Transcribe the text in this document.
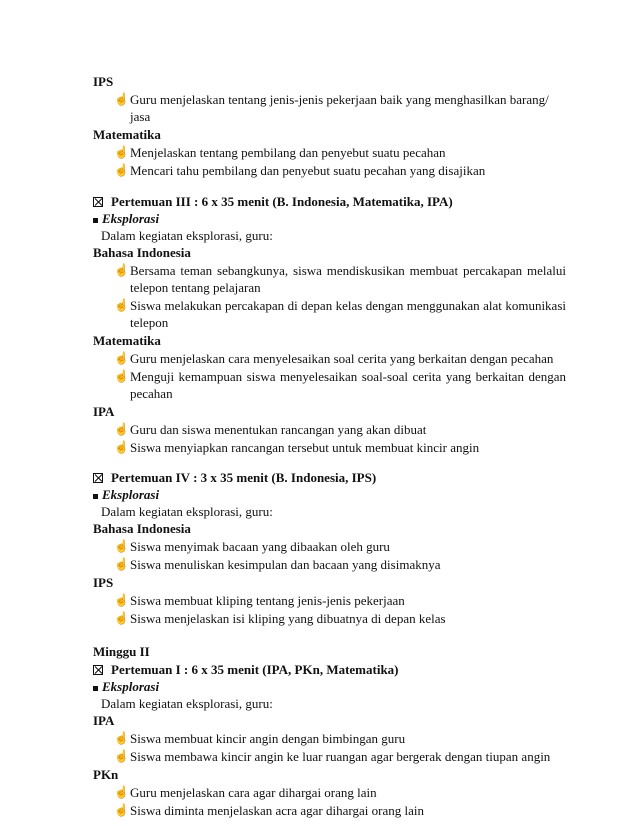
IPS

☝ Guru menjelaskan tentang jenis-jenis pekerjaan baik yang menghasilkan barang/ jasa

Matematika

☝ Menjelaskan tentang pembilang dan penyebut suatu pecahan
☝ Mencari tahu pembilang dan penyebut suatu pecahan yang disajikan
Pertemuan III : 6 x 35 menit (B. Indonesia, Matematika, IPA)

Eksplorasi

Dalam kegiatan eksplorasi, guru:

Bahasa Indonesia

☝ Bersama teman sebangkunya, siswa mendiskusikan membuat percakapan melalui telepon tentang pelajaran
☝ Siswa melakukan percakapan di depan kelas dengan menggunakan alat komunikasi telepon

Matematika

☝ Guru menjelaskan cara menyelesaikan soal cerita yang berkaitan dengan pecahan
☝ Menguji kemampuan siswa menyelesaikan soal-soal cerita yang berkaitan dengan pecahan

IPA

☝ Guru dan siswa menentukan rancangan yang akan dibuat
☝ Siswa menyiapkan rancangan tersebut untuk membuat kincir angin
Pertemuan IV : 3 x 35 menit (B. Indonesia, IPS)

Eksplorasi

Dalam kegiatan eksplorasi, guru:

Bahasa Indonesia

☝ Siswa menyimak bacaan yang dibaakan oleh guru
☝ Siswa menuliskan kesimpulan dan bacaan yang disimaknya

IPS

☝ Siswa membuat kliping tentang jenis-jenis pekerjaan
☝ Siswa menjelaskan isi kliping yang dibuatnya di depan kelas

Minggu II

Pertemuan I : 6 x 35 menit (IPA, PKn, Matematika)

Eksplorasi

Dalam kegiatan eksplorasi, guru:

IPA

☝ Siswa membuat kincir angin dengan bimbingan guru
☝ Siswa membawa kincir angin ke luar ruangan agar bergerak dengan tiupan angin

PKn

☝ Guru menjelaskan cara agar dihargai orang lain
☝ Siswa diminta menjelaskan acra agar dihargai orang lain
